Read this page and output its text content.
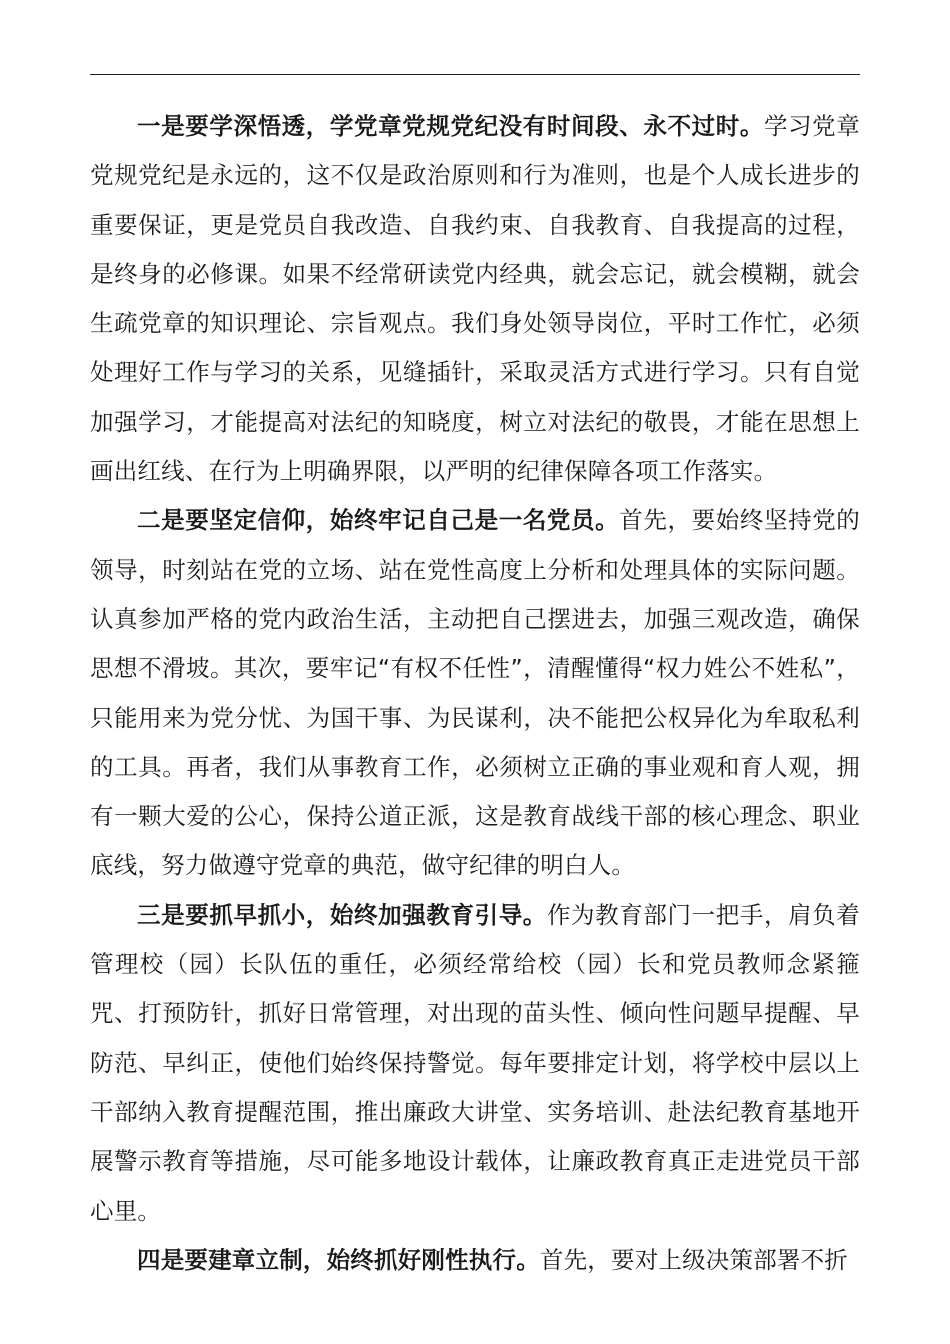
一是要学深悟透，学党章党规党纪没有时间段、永不过时。学习党章党规党纪是永远的，这不仅是政治原则和行为准则，也是个人成长进步的重要保证，更是党员自我改造、自我约束、自我教育、自我提高的过程，是终身的必修课。如果不经常研读党内经典，就会忘记，就会模糊，就会生疏党章的知识理论、宗旨观点。我们身处领导岗位，平时工作忙，必须处理好工作与学习的关系，见缝插针，采取灵活方式进行学习。只有自觉加强学习，才能提高对法纪的知晓度，树立对法纪的敬畏，才能在思想上画出红线、在行为上明确界限，以严明的纪律保障各项工作落实。

二是要坚定信仰，始终牢记自己是一名党员。首先，要始终坚持党的领导，时刻站在党的立场、站在党性高度上分析和处理具体的实际问题。认真参加严格的党内政治生活，主动把自己摆进去，加强三观改造，确保思想不滑坡。其次，要牢记“有权不任性”，清醒懂得“权力姓公不姓私”，只能用来为党分忧、为国干事、为民谋利，决不能把公权异化为牟取私利的工具。再者，我们从事教育工作，必须树立正确的事业观和育人观，拥有一颗大爱的公心，保持公道正派，这是教育战线干部的核心理念、职业底线，努力做遵守党章的典范，做守纪律的明白人。

三是要抓早抓小，始终加强教育引导。作为教育部门一把手，肩负着管理校（园）长队伍的重任，必须经常给校（园）长和党员教师念紧箍咒、打预防针，抓好日常管理，对出现的苗头性、倾向性问题早提醒、早防范、早纠正，使他们始终保持警觉。每年要排定计划，将学校中层以上干部纳入教育提醒范围，推出廉政大讲堂、实务培训、赴法纪教育基地开展警示教育等措施，尽可能多地设计载体，让廉政教育真正走进党员干部心里。

四是要建章立制，始终抓好刚性执行。首先，要对上级决策部署不折
